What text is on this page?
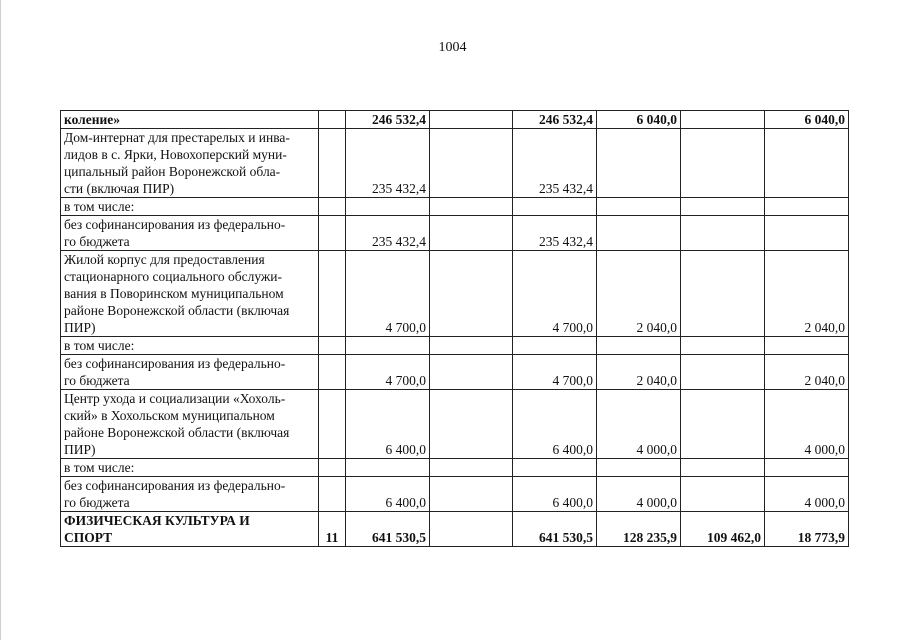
1004
коление»		246 532,4		246 532,4	6 040,0		6 040,0
Дом-интернат для престарелых и инва-
лидов в с. Ярки, Новохоперский муни-
ципальный район Воронежской обла-
сти (включая ПИР)		235 432,4		235 432,4			
в том числе:							
без софинансирования из федерально-
го бюджета		235 432,4		235 432,4			
Жилой корпус для предоставления
стационарного социального обслужи-
вания в Поворинском муниципальном
районе Воронежской области (включая
ПИР)		4 700,0		4 700,0	2 040,0		2 040,0
в том числе:							
без софинансирования из федерально-
го бюджета		4 700,0		4 700,0	2 040,0		2 040,0
Центр ухода и социализации «Хохоль-
ский» в Хохольском муниципальном
районе Воронежской области (включая
ПИР)		6 400,0		6 400,0	4 000,0		4 000,0
в том числе:							
без софинансирования из федерально-
го бюджета		6 400,0		6 400,0	4 000,0		4 000,0
ФИЗИЧЕСКАЯ КУЛЬТУРА И
СПОРТ	11	641 530,5		641 530,5	128 235,9	109 462,0	18 773,9
